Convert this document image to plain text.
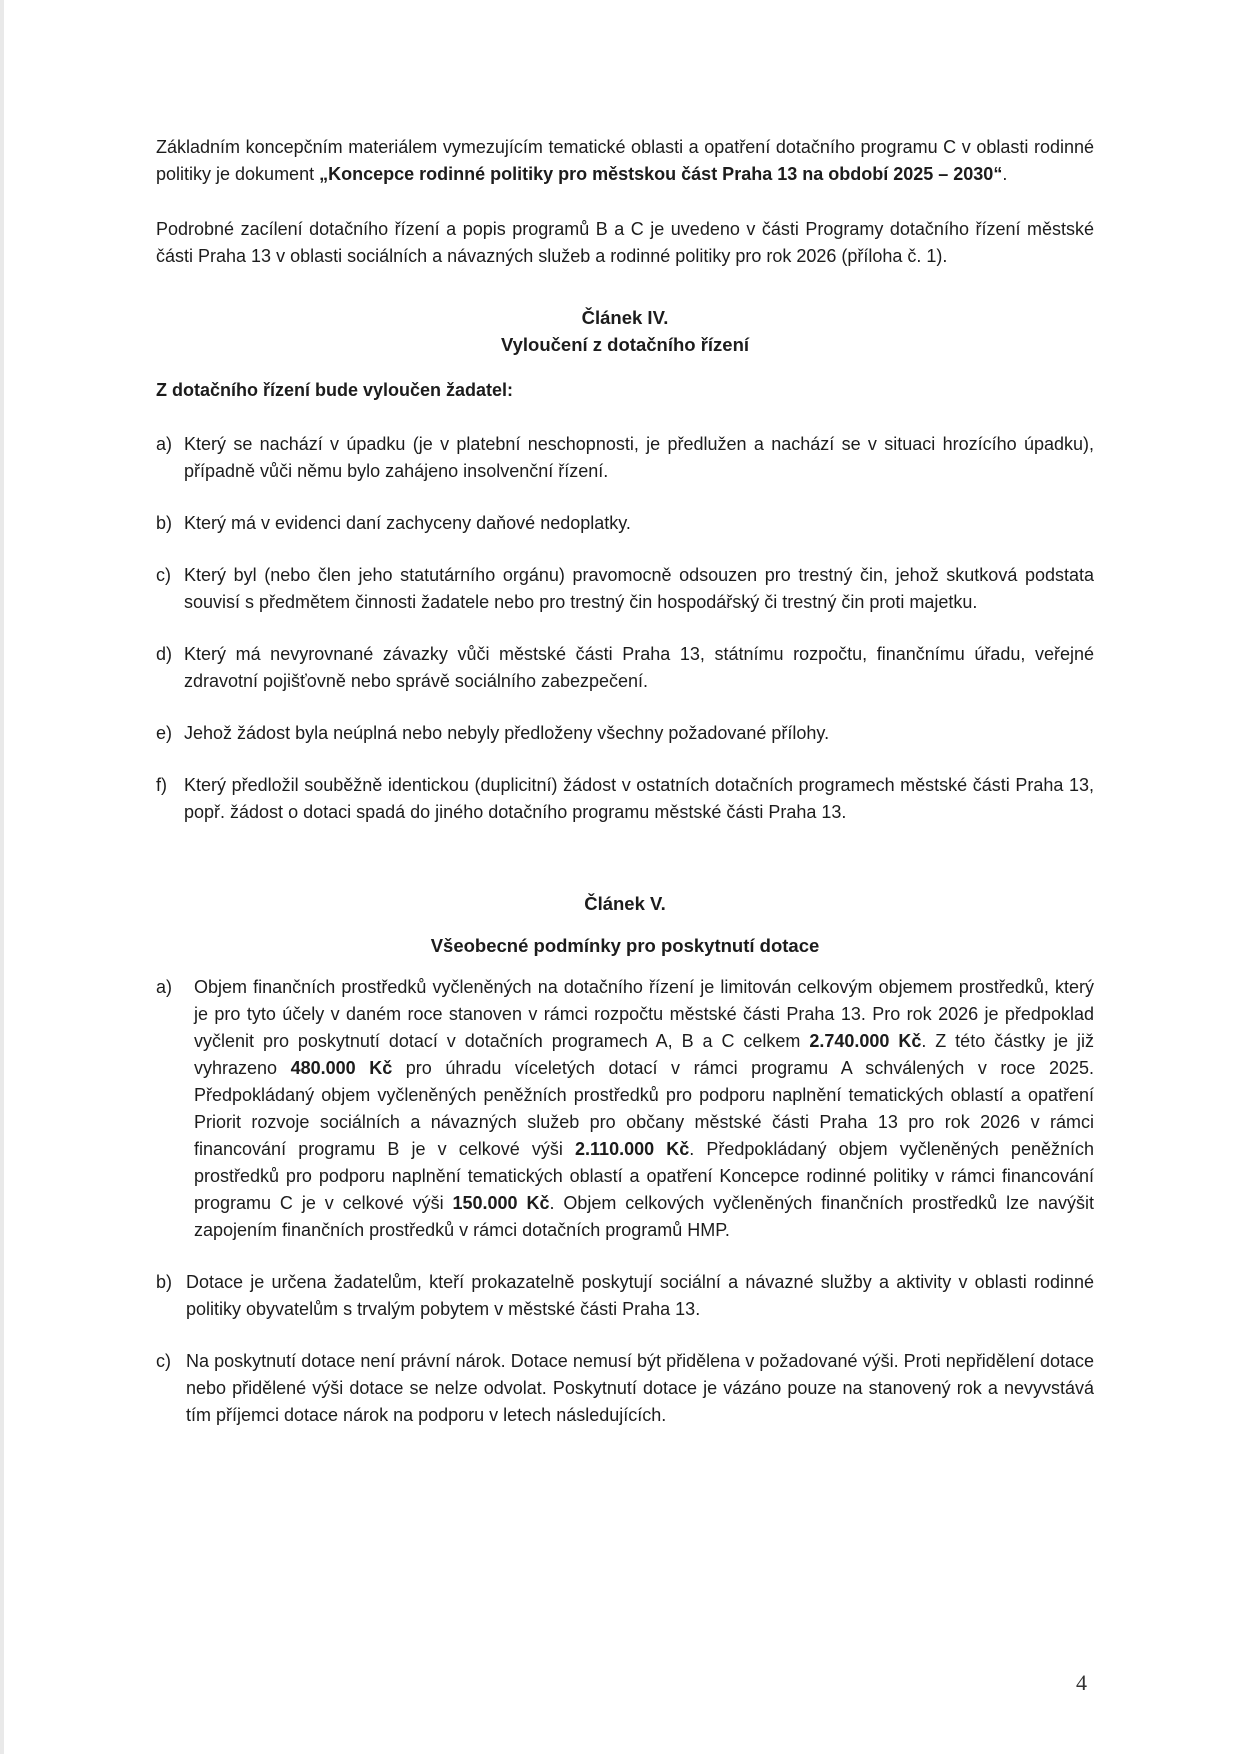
Základním koncepčním materiálem vymezujícím tematické oblasti a opatření dotačního programu C v oblasti rodinné politiky je dokument „Koncepce rodinné politiky pro městskou část Praha 13 na období 2025 – 2030“.

Podrobné zacílení dotačního řízení a popis programů B a C je uvedeno v části Programy dotačního řízení městské části Praha 13 v oblasti sociálních a návazných služeb a rodinné politiky pro rok 2026 (příloha č. 1).

Článek IV.
Vyloučení z dotačního řízení

Z dotačního řízení bude vyloučen žadatel:

a) Který se nachází v úpadku (je v platební neschopnosti, je předlužen a nachází se v situaci hrozícího úpadku), případně vůči němu bylo zahájeno insolvenční řízení.
b) Který má v evidenci daní zachyceny daňové nedoplatky.
c) Který byl (nebo člen jeho statutárního orgánu) pravomocně odsouzen pro trestný čin, jehož skutková podstata souvisí s předmětem činnosti žadatele nebo pro trestný čin hospodářský či trestný čin proti majetku.
d) Který má nevyrovnané závazky vůči městské části Praha 13, státnímu rozpočtu, finančnímu úřadu, veřejné zdravotní pojišťovně nebo správě sociálního zabezpečení.
e) Jehož žádost byla neúplná nebo nebyly předloženy všechny požadované přílohy.
f) Který předložil souběžně identickou (duplicitní) žádost v ostatních dotačních programech městské části Praha 13, popř. žádost o dotaci spadá do jiného dotačního programu městské části Praha 13.
Článek V.
Všeobecné podmínky pro poskytnutí dotace
a) Objem finančních prostředků vyčleněných na dotačního řízení je limitován celkovým objemem prostředků, který je pro tyto účely v daném roce stanoven v rámci rozpočtu městské části Praha 13. Pro rok 2026 je předpoklad vyčlenit pro poskytnutí dotací v dotačních programech A, B a C celkem 2.740.000 Kč. Z této částky je již vyhrazeno 480.000 Kč pro úhradu víceletých dotací v rámci programu A schválených v roce 2025. Předpokládaný objem vyčleněných peněžních prostředků pro podporu naplnění tematických oblastí a opatření Priorit rozvoje sociálních a návazných služeb pro občany městské části Praha 13 pro rok 2026 v rámci financování programu B je v celkové výši 2.110.000 Kč. Předpokládaný objem vyčleněných peněžních prostředků pro podporu naplnění tematických oblastí a opatření Koncepce rodinné politiky v rámci financování programu C je v celkové výši 150.000 Kč. Objem celkových vyčleněných finančních prostředků lze navýšit zapojením finančních prostředků v rámci dotačních programů HMP.
b) Dotace je určena žadatelům, kteří prokazatelně poskytují sociální a návazné služby a aktivity v oblasti rodinné politiky obyvatelům s trvalým pobytem v městské části Praha 13.
c) Na poskytnutí dotace není právní nárok. Dotace nemusí být přidělena v požadované výši. Proti nepřidělení dotace nebo přidělené výši dotace se nelze odvolat. Poskytnutí dotace je vázáno pouze na stanovený rok a nevyvstává tím příjemci dotace nárok na podporu v letech následujících.
4
